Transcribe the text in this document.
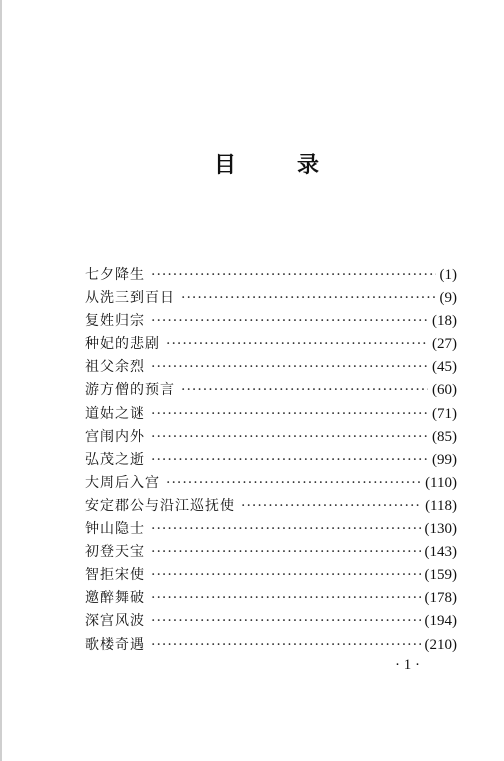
目	录
七夕降生 ·····	(1)
从洗三到百日 ·····	(9)
复姓归宗 ·····	(18)
种妃的悲剧 ·····	(27)
祖父余烈 ·····	(45)
游方僧的预言 ·····	(60)
道姑之谜 ·····	(71)
宫闱内外 ·····	(85)
弘茂之逝 ·····	(99)
大周后入宫 ·····	(110)
安定郡公与沿江巡抚使 ·····	(118)
钟山隐士 ·····	(130)
初登天宝 ·····	(143)
智拒宋使 ·····	(159)
邀醉舞破 ·····	(178)
深宫风波 ·····	(194)
歌楼奇遇 ·····	(210)
· 1 ·
